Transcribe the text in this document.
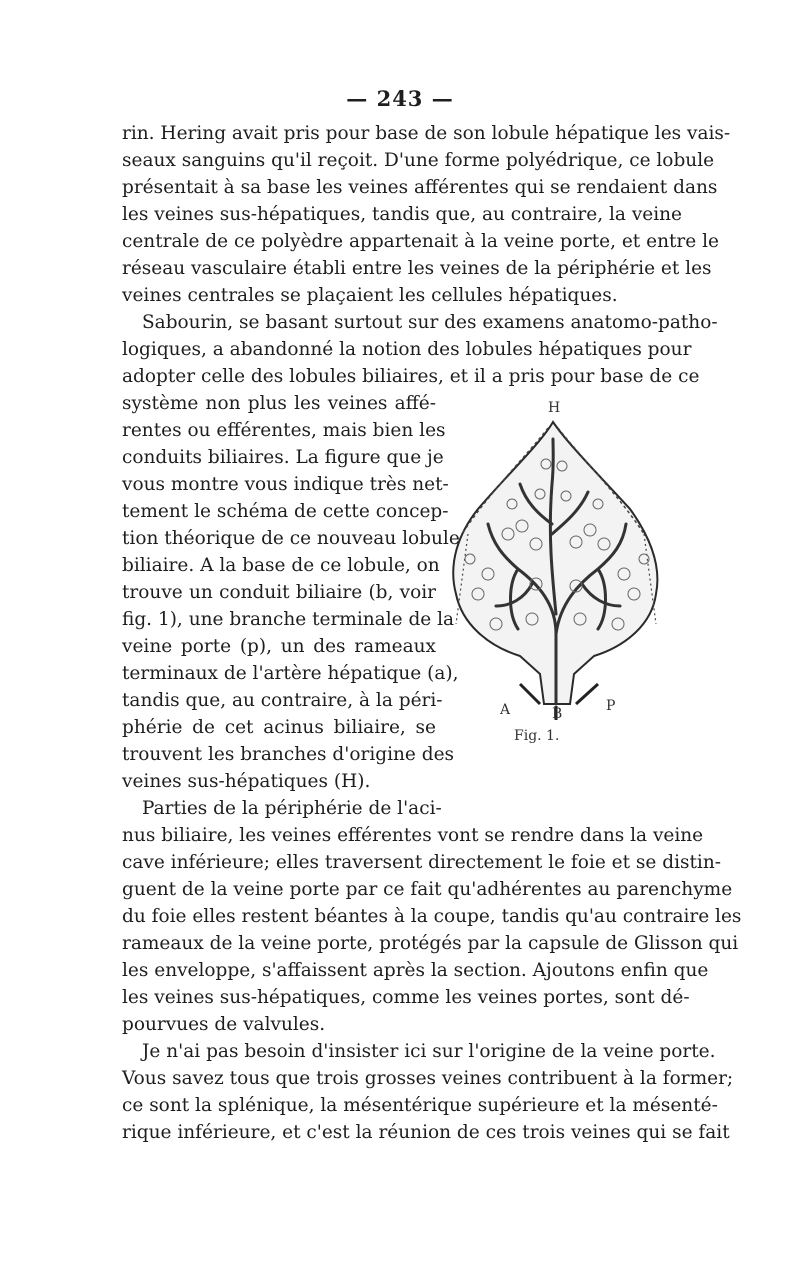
— 243 —
rin. Hering avait pris pour base de son lobule hépatique les vais-
seaux sanguins qu'il reçoit. D'une forme polyédrique, ce lobule
présentait à sa base les veines afférentes qui se rendaient dans
les veines sus-hépatiques, tandis que, au contraire, la veine
centrale de ce polyèdre appartenait à la veine porte, et entre le
réseau vasculaire établi entre les veines de la périphérie et les
veines centrales se plaçaient les cellules hépatiques.
Sabourin, se basant surtout sur des examens anatomo-patho-
logiques, a abandonné la notion des lobules hépatiques pour
adopter celle des lobules biliaires, et il a pris pour base de ce
système non plus les veines affé-
rentes ou efférentes, mais bien les
conduits biliaires. La figure que je
vous montre vous indique très net-
tement le schéma de cette concep-
tion théorique de ce nouveau lobule
biliaire. A la base de ce lobule, on
trouve un conduit biliaire (b, voir
fig. 1), une branche terminale de la
veine porte (p), un des rameaux
terminaux de l'artère hépatique (a),
tandis que, au contraire, à la péri-
phérie de cet acinus biliaire, se
trouvent les branches d'origine des
veines sus-hépatiques (H).
Parties de la périphérie de l'aci-
nus biliaire, les veines efférentes vont se rendre dans la veine
cave inférieure; elles traversent directement le foie et se distin-
guent de la veine porte par ce fait qu'adhérentes au parenchyme
du foie elles restent béantes à la coupe, tandis qu'au contraire les
rameaux de la veine porte, protégés par la capsule de Glisson qui
les enveloppe, s'affaissent après la section. Ajoutons enfin que
les veines sus-hépatiques, comme les veines portes, sont dé-
pourvues de valvules.
Je n'ai pas besoin d'insister ici sur l'origine de la veine porte.
Vous savez tous que trois grosses veines contribuent à la former;
ce sont la splénique, la mésentérique supérieure et la mésenté-
rique inférieure, et c'est la réunion de ces trois veines qui se fait
H
A	B	P
Fig. 1.
